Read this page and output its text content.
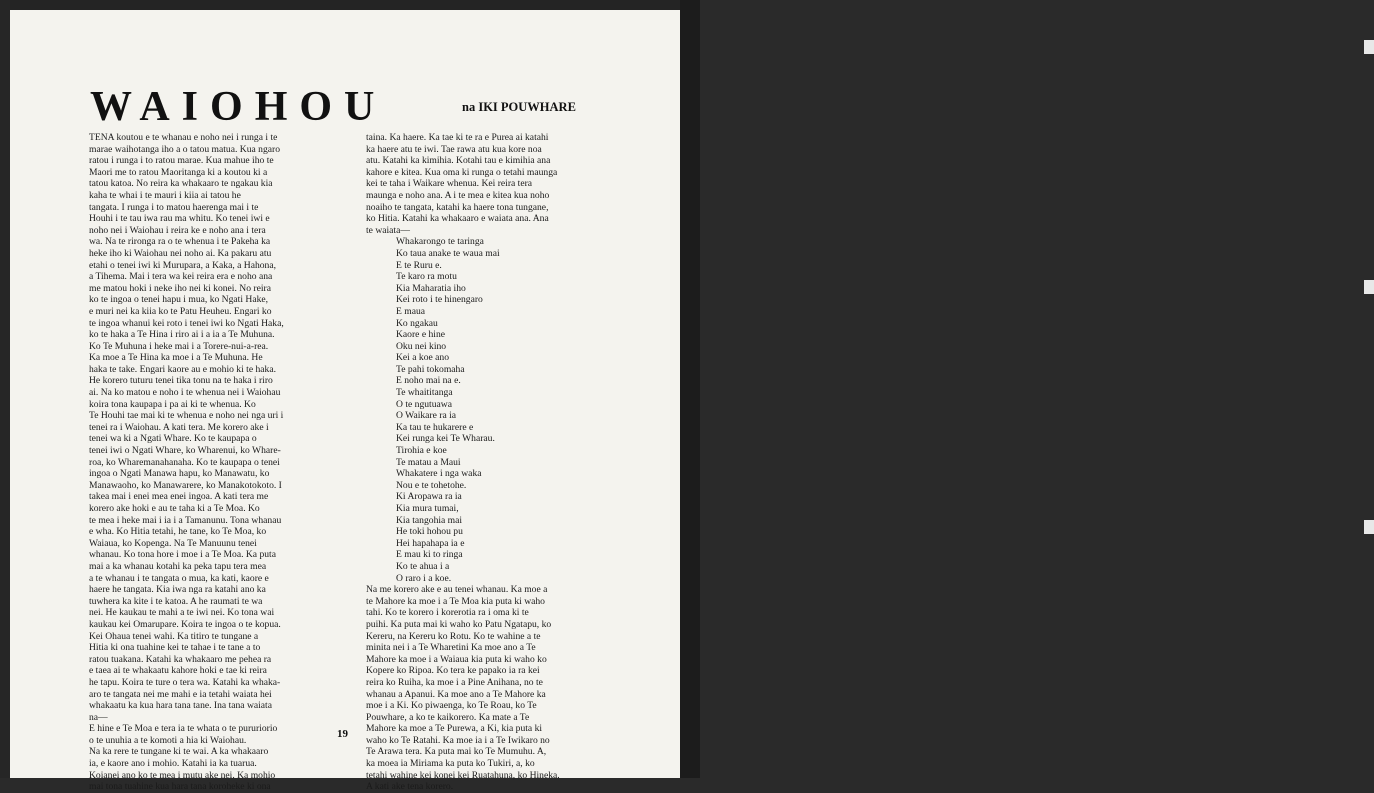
WAIOHOU	na IKI POUWHARE

TENA koutou e te whanau e noho nei i runga i te

marae waihotanga iho a o tatou matua. Kua ngaro

ratou i runga i to ratou marae. Kua mahue iho te

Maori me to ratou Maoritanga ki a koutou ki a

tatou katoa. No reira ka whakaaro te ngakau kia

kaha te whai i te mauri i kiia ai tatou he

tangata. I runga i to matou haerenga mai i te

Houhi i te tau iwa rau ma whitu. Ko tenei iwi e

noho nei i Waiohau i reira ke e noho ana i tera

wa. Na te rironga ra o te whenua i te Pakeha ka

heke iho ki Waiohau nei noho ai. Ka pakaru atu

etahi o tenei iwi ki Murupara, a Kaka, a Hahona,

a Tihema. Mai i tera wa kei reira era e noho ana

me matou hoki i neke iho nei ki konei. No reira

ko te ingoa o tenei hapu i mua, ko Ngati Hake,

e muri nei ka kiia ko te Patu Heuheu. Engari ko

te ingoa whanui kei roto i tenei iwi ko Ngati Haka,

ko te haka a Te Hina i riro ai i a ia a Te Muhuna.

Ko Te Muhuna i heke mai i a Torere-nui-a-rea.

Ka moe a Te Hina ka moe i a Te Muhuna. He

haka te take. Engari kaore au e mohio ki te haka.

He korero tuturu tenei tika tonu na te haka i riro

ai. Na ko matou e noho i te whenua nei i Waiohau

koira tona kaupapa i pa ai ki te whenua. Ko

Te Houhi tae mai ki te whenua e noho nei nga uri i

tenei ra i Waiohau. A kati tera. Me korero ake i

tenei wa ki a Ngati Whare. Ko te kaupapa o

tenei iwi o Ngati Whare, ko Wharenui, ko Whare-

roa, ko Wharemanahanaha. Ko te kaupapa o tenei

ingoa o Ngati Manawa hapu, ko Manawatu, ko

Manawaoho, ko Manawarere, ko Manakotokoto. I

takea mai i enei mea enei ingoa. A kati tera me

korero ake hoki e au te taha ki a Te Moa. Ko

te mea i heke mai i ia i a Tamanunu. Tona whanau

e wha. Ko Hitia tetahi, he tane, ko Te Moa, ko

Waiaua, ko Kopenga. Na Te Manuunu tenei

whanau. Ko tona hore i moe i a Te Moa. Ka puta

mai a ka whanau kotahi ka peka tapu tera mea

a te whanau i te tangata o mua, ka kati, kaore e

haere he tangata. Kia iwa nga ra katahi ano ka

tuwhera ka kite i te katoa. A he raumati te wa

nei. He kaukau te mahi a te iwi nei. Ko tona wai

kaukau kei Omarupare. Koira te ingoa o te kopua.

Kei Ohaua tenei wahi. Ka titiro te tungane a

Hitia ki ona tuahine kei te tahae i te tane a to

ratou tuakana. Katahi ka whakaaro me pehea ra

e taea ai te whakaatu kahore hoki e tae ki reira

he tapu. Koira te ture o tera wa. Katahi ka whaka-

aro te tangata nei me mahi e ia tetahi waiata hei

whakaatu ka kua hara tana tane. Ina tana waiata

na—

E hine e Te Moa e tera ia te whata o te pururiorio

o te unuhia a te komoti a hia ki Waiohau.

Na ka rere te tungane ki te wai. A ka whakaaro

ia, e kaore ano i mohio. Katahi ia ka tuarua.

Koianei ano ko te mea i mutu ake nei. Ka mohio

mai tona tuahine kua hara tana koroheke ki ona

taina. Ka haere. Ka tae ki te ra e Purea ai katahi

ka haere atu te iwi. Tae rawa atu kua kore noa

atu. Katahi ka kimihia. Kotahi tau e kimihia ana

kahore e kitea. Kua oma ki runga o tetahi maunga

kei te taha i Waikare whenua. Kei reira tera

maunga e noho ana. A i te mea e kitea kua noho

noaiho te tangata, katahi ka haere tona tungane,

ko Hitia. Katahi ka whakaaro e waiata ana. Ana

te waiata—

Whakarongo te taringa

Ko taua anake te waua mai

E te Ruru e.

Te karo ra motu

Kia Maharatia iho

Kei roto i te hinengaro

E maua

Ko ngakau

Kaore e hine

Oku nei kino

Kei a koe ano

Te pahi tokomaha

E noho mai na e.

Te whaititanga

O te ngutuawa

O Waikare ra ia

Ka tau te hukarere e

Kei runga kei Te Wharau.

Tirohia e koe

Te matau a Maui

Whakatere i nga waka

Nou e te tohetohe.

Ki Aropawa ra ia

Kia mura tumai,

Kia tangohia mai

He toki hohou pu

Hei hapahapa ia e

E mau ki to ringa

Ko te ahua i a

O raro i a koe.

Na me korero ake e au tenei whanau. Ka moe a

te Mahore ka moe i a Te Moa kia puta ki waho

tahi. Ko te korero i korerotia ra i oma ki te

puihi. Ka puta mai ki waho ko Patu Ngatapu, ko

Kereru, na Kereru ko Rotu. Ko te wahine a te

minita nei i a Te Wharetini Ka moe ano a Te

Mahore ka moe i a Waiaua kia puta ki waho ko

Kopere ko Ripoa. Ko tera ke papako ia ra kei

reira ko Ruiha, ka moe i a Pine Anihana, no te

whanau a Apanui. Ka moe ano a Te Mahore ka

moe i a Ki. Ko piwaenga, ko Te Roau, ko Te

Pouwhare, a ko te kaikorero. Ka mate a Te

Mahore ka moe a Te Purewa, a Ki, kia puta ki

waho ko Te Ratahi. Ka moe ia i a Te Iwikaro no

Te Arawa tera. Ka puta mai ko Te Mumuhu. A,

ka moea ia Miriama ka puta ko Tukiri, a, ko

tetahi wahine kei konei kei Ruatahuna, ko Hineka.

A kati ake tena korero.

19
